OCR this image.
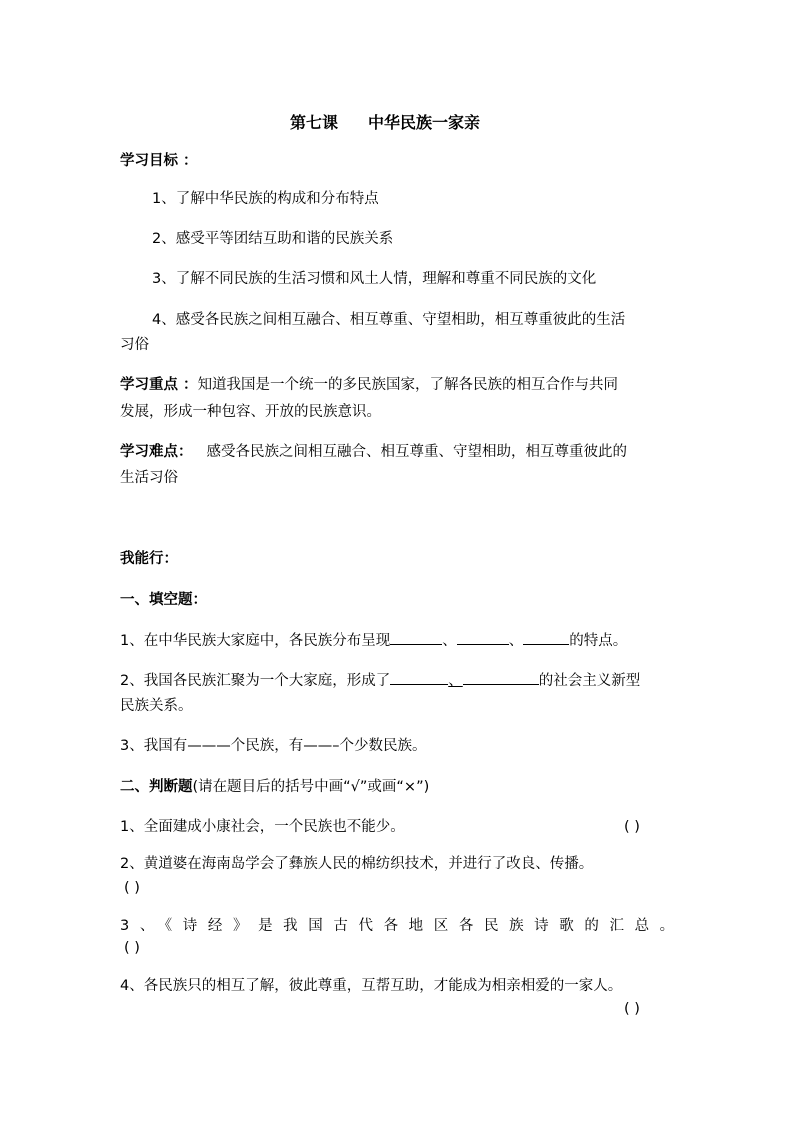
第七课 中华民族一家亲
学习目标 ：
1、了解中华民族的构成和分布特点
2、感受平等团结互助和谐的民族关系
3、了解不同民族的生活习惯和风土人情，理解和尊重不同民族的文化
4、感受各民族之间相互融合、相互尊重、守望相助，相互尊重彼此的生活
习俗
学习重点 ：知道我国是一个统一的多民族国家，了解各民族的相互合作与共同
发展，形成一种包容、开放的民族意识。
学习难点： 感受各民族之间相互融合、相互尊重、守望相助，相互尊重彼此的
生活习俗
我能行：
一、填空题：
1、在中华民族大家庭中，各民族分布呈现	、	、	的特点。
2、我国各民族汇聚为一个大家庭，形成了	、	的社会主义新型
民族关系。
3、我国有———个民族，有——–个少数民族。
二、判断题(请在题目后的括号中画“√”或画“×”)
1、全面建成小康社会，一个民族也不能少。	( )
2、黄道婆在海南岛学会了彝族人民的棉纺织技术，并进行了改良、传播。
( )
3、《诗经》是我国古代各地区各民族诗歌的汇总。
( )
4、各民族只的相互了解，彼此尊重，互帮互助，才能成为相亲相爱的一家人。
( )
